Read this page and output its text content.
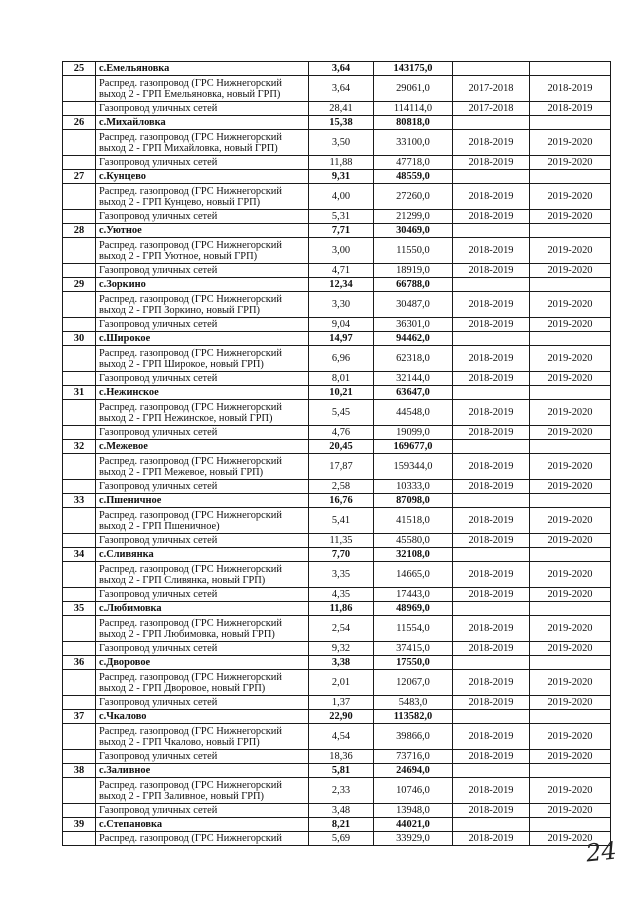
25	с.Емельяновка	3,64	143175,0		

	Распред. газопровод (ГРС Нижнегорский выход 2 - ГРП Емельяновка, новый ГРП)	3,64	29061,0	2017-2018	2018-2019
	Газопровод уличных сетей	28,41	114114,0	2017-2018	2018-2019
26	с.Михайловка	15,38	80818,0		

	Распред. газопровод (ГРС Нижнегорский выход 2 - ГРП Михайловка, новый ГРП)	3,50	33100,0	2018-2019	2019-2020
	Газопровод уличных сетей	11,88	47718,0	2018-2019	2019-2020
27	с.Кунцево	9,31	48559,0		

	Распред. газопровод (ГРС Нижнегорский выход 2 - ГРП Кунцево, новый ГРП)	4,00	27260,0	2018-2019	2019-2020
	Газопровод уличных сетей	5,31	21299,0	2018-2019	2019-2020
28	с.Уютное	7,71	30469,0		

	Распред. газопровод (ГРС Нижнегорский выход 2 - ГРП Уютное, новый ГРП)	3,00	11550,0	2018-2019	2019-2020
	Газопровод уличных сетей	4,71	18919,0	2018-2019	2019-2020
29	с.Зоркино	12,34	66788,0		

	Распред. газопровод (ГРС Нижнегорский выход 2 - ГРП Зоркино, новый ГРП)	3,30	30487,0	2018-2019	2019-2020
	Газопровод уличных сетей	9,04	36301,0	2018-2019	2019-2020
30	с.Широкое	14,97	94462,0		

	Распред. газопровод (ГРС Нижнегорский выход 2 - ГРП Широкое, новый ГРП)	6,96	62318,0	2018-2019	2019-2020
	Газопровод уличных сетей	8,01	32144,0	2018-2019	2019-2020
31	с.Нежинское	10,21	63647,0		

	Распред. газопровод (ГРС Нижнегорский выход 2 - ГРП Нежинское, новый ГРП)	5,45	44548,0	2018-2019	2019-2020
	Газопровод уличных сетей	4,76	19099,0	2018-2019	2019-2020
32	с.Межевое	20,45	169677,0		

	Распред. газопровод (ГРС Нижнегорский выход 2 - ГРП Межевое, новый ГРП)	17,87	159344,0	2018-2019	2019-2020
	Газопровод уличных сетей	2,58	10333,0	2018-2019	2019-2020
33	с.Пшеничное	16,76	87098,0		

	Распред. газопровод (ГРС Нижнегорский выход 2 - ГРП Пшеничное)	5,41	41518,0	2018-2019	2019-2020
	Газопровод уличных сетей	11,35	45580,0	2018-2019	2019-2020
34	с.Сливянка	7,70	32108,0		

	Распред. газопровод (ГРС Нижнегорский выход 2 - ГРП Сливянка, новый ГРП)	3,35	14665,0	2018-2019	2019-2020
	Газопровод уличных сетей	4,35	17443,0	2018-2019	2019-2020
35	с.Любимовка	11,86	48969,0		

	Распред. газопровод (ГРС Нижнегорский выход 2 - ГРП Любимовка, новый ГРП)	2,54	11554,0	2018-2019	2019-2020
	Газопровод уличных сетей	9,32	37415,0	2018-2019	2019-2020
36	с.Дворовое	3,38	17550,0		

	Распред. газопровод (ГРС Нижнегорский выход 2 - ГРП Дворовое, новый ГРП)	2,01	12067,0	2018-2019	2019-2020
	Газопровод уличных сетей	1,37	5483,0	2018-2019	2019-2020
37	с.Чкалово	22,90	113582,0		

	Распред. газопровод (ГРС Нижнегорский выход 2 - ГРП Чкалово, новый ГРП)	4,54	39866,0	2018-2019	2019-2020
	Газопровод уличных сетей	18,36	73716,0	2018-2019	2019-2020
38	с.Заливное	5,81	24694,0		

	Распред. газопровод (ГРС Нижнегорский выход 2 - ГРП Заливное, новый ГРП)	2,33	10746,0	2018-2019	2019-2020
	Газопровод уличных сетей	3,48	13948,0	2018-2019	2019-2020
39	с.Степановка	8,21	44021,0		
	Распред. газопровод (ГРС Нижнегорский	5,69	33929,0	2018-2019	2019-2020
24
